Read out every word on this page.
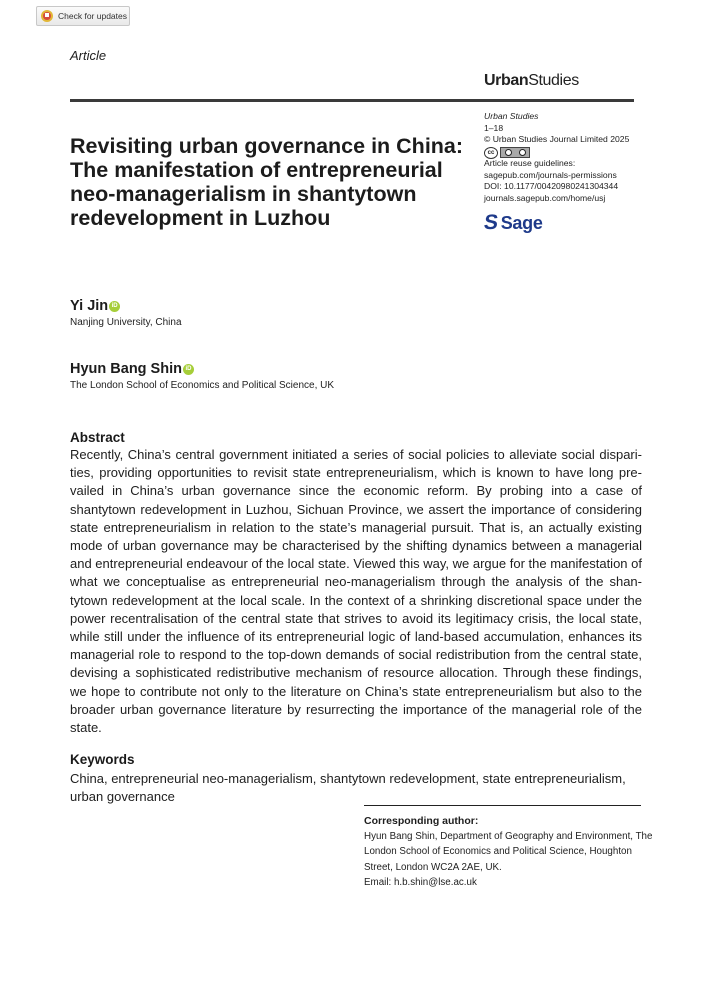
Check for updates
Article
UrbanStudies
Urban Studies
1–18
© Urban Studies Journal Limited 2025
cc
Article reuse guidelines:
sagepub.com/journals-permissions
DOI: 10.1177/00420980241304344
journals.sagepub.com/home/usj
S Sage
Revisiting urban governance in China: The manifestation of entrepreneurial neo-managerialism in shantytown redevelopment in Luzhou
Yi Jin iD
Nanjing University, China
Hyun Bang Shin iD
The London School of Economics and Political Science, UK
Abstract
Recently, China’s central government initiated a series of social policies to alleviate social disparities, providing opportunities to revisit state entrepreneurialism, which is known to have long prevailed in China’s urban governance since the economic reform. By probing into a case of shantytown redevelopment in Luzhou, Sichuan Province, we assert the importance of considering state entrepreneurialism in relation to the state’s managerial pursuit. That is, an actually existing mode of urban governance may be characterised by the shifting dynamics between a managerial and entrepreneurial endeavour of the local state. Viewed this way, we argue for the manifestation of what we conceptualise as entrepreneurial neo-managerialism through the analysis of the shantytown redevelopment at the local scale. In the context of a shrinking discretional space under the power recentralisation of the central state that strives to avoid its legitimacy crisis, the local state, while still under the influence of its entrepreneurial logic of land-based accumulation, enhances its managerial role to respond to the top-down demands of social redistribution from the central state, devising a sophisticated redistributive mechanism of resource allocation. Through these findings, we hope to contribute not only to the literature on China’s state entrepreneurialism but also to the broader urban governance literature by resurrecting the importance of the managerial role of the state.
Keywords
China, entrepreneurial neo-managerialism, shantytown redevelopment, state entrepreneurialism, urban governance
Corresponding author:
Hyun Bang Shin, Department of Geography and Environment, The London School of Economics and Political Science, Houghton Street, London WC2A 2AE, UK.
Email: h.b.shin@lse.ac.uk
